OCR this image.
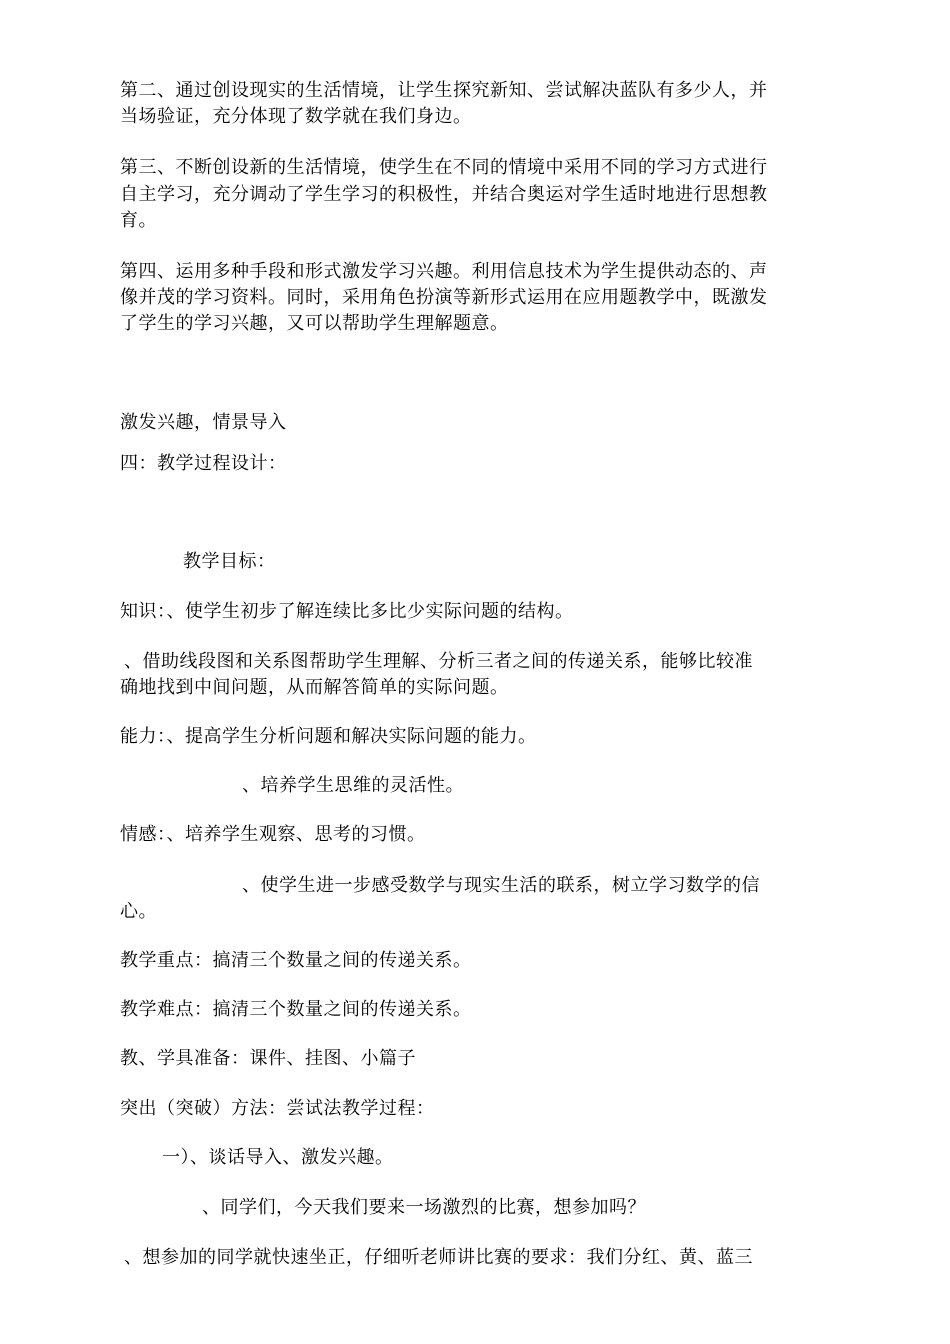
第二、通过创设现实的生活情境，让学生探究新知、尝试解决蓝队有多少人，并
当场验证，充分体现了数学就在我们身边。
第三、不断创设新的生活情境，使学生在不同的情境中采用不同的学习方式进行
自主学习，充分调动了学生学习的积极性，并结合奥运对学生适时地进行思想教
育。
第四、运用多种手段和形式激发学习兴趣。利用信息技术为学生提供动态的、声
像并茂的学习资料。同时，采用角色扮演等新形式运用在应用题教学中，既激发
了学生的学习兴趣，又可以帮助学生理解题意。
激发兴趣，情景导入
四：教学过程设计：
教学目标：
知识：、使学生初步了解连续比多比少实际问题的结构。
、借助线段图和关系图帮助学生理解、分析三者之间的传递关系，能够比较准
确地找到中间问题，从而解答简单的实际问题。
能力：、提高学生分析问题和解决实际问题的能力。
、培养学生思维的灵活性。
情感：、培养学生观察、思考的习惯。
、使学生进一步感受数学与现实生活的联系，树立学习数学的信
心。
教学重点：搞清三个数量之间的传递关系。
教学难点：搞清三个数量之间的传递关系。
教、学具准备：课件、挂图、小篇子
突出（突破）方法：尝试法教学过程：
一）、谈话导入、激发兴趣。
、同学们，今天我们要来一场激烈的比赛，想参加吗？
、想参加的同学就快速坐正，仔细听老师讲比赛的要求：我们分红、黄、蓝三
